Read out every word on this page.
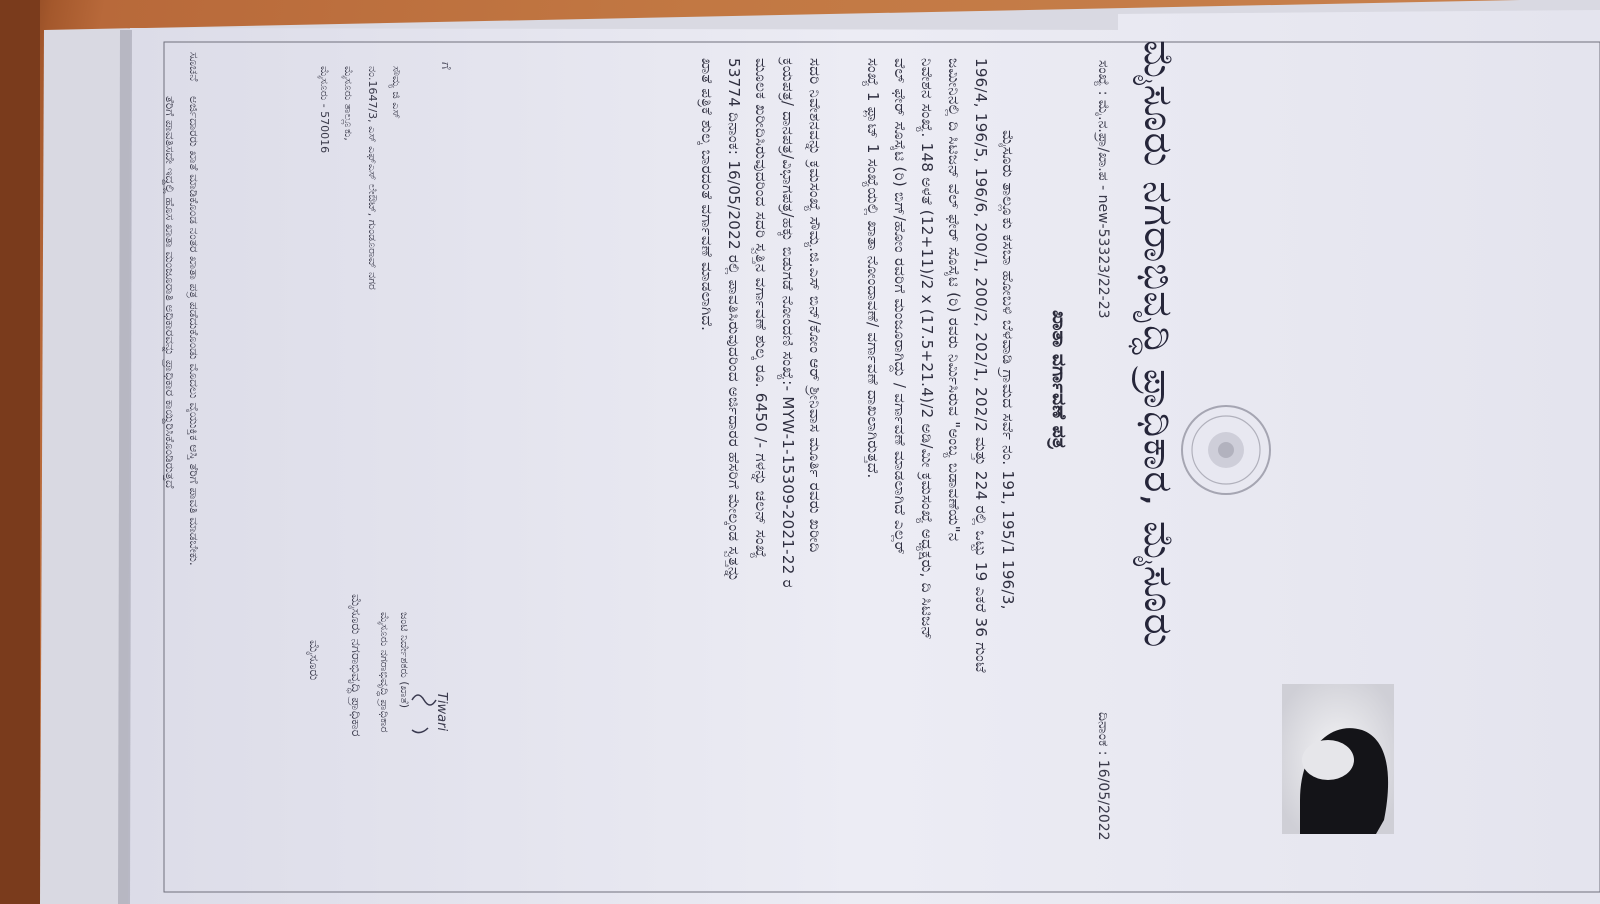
ಮೈಸೂರು ನಗರಾಭಿವೃದ್ಧಿ ಪ್ರಾಧಿಕಾರ, ಮೈಸೂರು
ಸಂಖ್ಯೆ : ಮೈ.ನ.ಪ್ರಾ/ಖಾ.ಪ - new-53323/22-23
ದಿನಾಂಕ : 16/05/2022
ಖಾತಾ ವರ್ಗಾವಣೆ ಪತ್ರ
ಮೈಸೂರು ತಾಲ್ಲೂಕು ಕಸಬಾ ಹೋಬಳಿ ಬೆಳವಾಡಿ ಗ್ರಾಮದ ಸರ್ವೆ ನಂ. 191, 195/1 196/3,
196/4, 196/5, 196/6, 200/1, 200/2, 202/1, 202/2 ಮತ್ತು 224 ರಲ್ಲಿ ಒಟ್ಟು 19 ಎಕರೆ 36 ಗುಂಟೆ
ಜಮೀನಿನಲ್ಲಿ ದಿ ಸಿಟಿಜನ್ ವೆಲ್ ಫೇರ್ ಸೊಸೈಟಿ (ರಿ) ರವರು ನಿರ್ಮಿಸಿರುವ "ಅಂಬ್ಯ ಬಡಾವಣೆಯ"ನ
ನಿವೇಶನ ಸಂಖ್ಯೆ. 148 ಅಳತೆ (12+11)/2 x (17.5+21.4)/2 ಅಡಿ/ಮೀ ಕ್ರಮಸಂಖ್ಯೆ ಅಧ್ಯಕ್ಷರು, ದಿ ಸಿಟಿಜನ್
ವೆಲ್ ಫೇರ್ ಸೊಸೈಟಿ (ರಿ) ಬಿಗ್/ಹೋಂ ರವರಿಗೆ ಮಂಜೂರಾಗಿದ್ದು / ವರ್ಗಾವಣೆ ಮಾಡಲಾಗಿದೆ ಎಲ್ಲರ್
ಸಂಖ್ಯೆ 1 ಫ್ಲಾಟ್ 1 ಸಂಖ್ಯೆಯಲ್ಲಿ ಖಾತಾ ನೋಂದಾವಣೆ/ ವರ್ಗಾವಣೆ ದಾಖಲಾಗಿರುತ್ತದೆ.
ಸದರಿ ನಿವೇಶನವನ್ನು ಕ್ರಮಸಂಖ್ಯೆ ಸೌಮ್ಯ.ಜಿ.ಎಸ್ ಬಿನ್/ಕೋಂ ಆರ್ ಶ್ರೀನಿವಾಸ ಮೂರ್ತಿ ರವರು ಖರೀದಿ
ಕ್ರಯಪತ್ರ/ ದಾನಪತ್ರ/ವಿಭಾಗಪತ್ರ/ಹಕ್ಕು ಬಿಡುಗಡೆ ನೋಂದಣಿ ಸಂಖ್ಯೆ:- MYW-1-15309-2021-22 ರ
ಮೂಲಕ ಖರೀದಿಸಿರುವುದರಿಂದ ಸದರಿ ಸ್ವತ್ತಿನ ವರ್ಗಾವಣೆ ಶುಲ್ಕ ರೂ. 6450 /- ಗಳನ್ನು ಚಲನ್ ಸಂಖ್ಯೆ
53774 ದಿನಾಂಕ: 16/05/2022 ರಲ್ಲಿ ಪಾವತಿಸಿರುವುದರಿಂದ ಅರ್ಜಿದಾರರ ಹೆಸರಿಗೆ ಮೇಲ್ಕಂಡ ಸ್ವತ್ತನ್ನು
ಖಾತೆ ಪತ್ರಿಕೆ ಶುಲ್ಕ ಬಾರದಂತೆ ವರ್ಗಾವಣೆ ಮಾಡಲಾಗಿದೆ.
ಗೆ
ಸೌಮ್ಯ ಜಿ ಎಸ್
ನಂ.1647/3, ಎಸ್ ಎಫ್ಎಸ್ ಲೇಔಟ್, ಗುಂಡೂರಾವ್ ನಗರ
ಮೈಸೂರು ತಾಲ್ಲೂಕು,
ಮೈಸೂರು - 570016
Tiwari
ಜಂಟಿ ನಿರ್ದೇಶಕರು (ಖಾತೆ)
ಮೈಸೂರು ನಗರಾಭಿವೃದ್ಧಿ ಪ್ರಾಧಿಕಾರ
ಮೈಸೂರು ನಗರಾಭಿವೃದ್ಧಿ ಪ್ರಾಧಿಕಾರ
ಮೈಸೂರು
ಸೂಚನೆ
ಅರ್ಜಿದಾರರು ಖಾತೆ ಮಾಡಿಕೊಂಡ ನಂತರ ಖಾತಾ ಪತ್ರ ಪಡೆದುಕೊಂಡು ಮೊದಲು ವೈಯುಕ್ತಿಕ ಆಸ್ತಿ ತೆರಿಗೆ ಪಾವತಿ ಮಾಡಬೇಕು.
ತೆರಿಗೆ ಪಾವತಿಸದೇ ಇದ್ದಲ್ಲಿ ಹೊಸ ಖಾತಾ ಮಂಜೂರಾತಿ ಅಧಿಕಾರವನ್ನು ಪ್ರಾಧಿಕಾರ ಕಾಯ್ದಿರಿಸಿಕೊಂಡಿರುತ್ತದೆ
